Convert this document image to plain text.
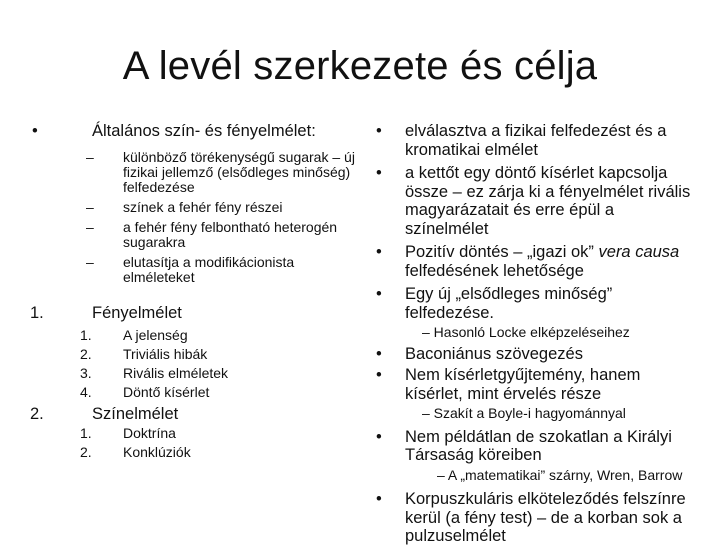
A levél szerkezete és célja
•	Általános szín- és fényelmélet:
– különböző törékenységű sugarak – új fizikai jellemző (elsődleges minőség) felfedezése
– színek a fehér fény részei
– a fehér fény felbontható heterogén sugarakra
– elutasítja a modifikácionista elméleteket
1.	Fényelmélet
1. A jelenség
2. Triviális hibák
3. Rivális elméletek
4. Döntő kísérlet
2.	Színelmélet
1. Doktrína
2. Konklúziók
• elválasztva a fizikai felfedezést és a kromatikai elmélet
• a kettőt egy döntő kísérlet kapcsolja össze – ez zárja ki a fényelmélet rivális magyarázatait és erre épül a színelmélet
• Pozitív döntés – „igazi ok” vera causa felfedésének lehetősége
• Egy új „elsődleges minőség” felfedezése.
– Hasonló Locke elképzeléseihez
• Baconiánus szövegezés
• Nem kísérletgyűjtemény, hanem kísérlet, mint érvelés része
– Szakít a Boyle-i hagyománnyal
• Nem példátlan de szokatlan a Királyi Társaság köreiben
– A „matematikai” szárny, Wren, Barrow
• Korpuszkuláris elköteleződés felszínre kerül (a fény test) – de a korban sok a pulzuselmélet
